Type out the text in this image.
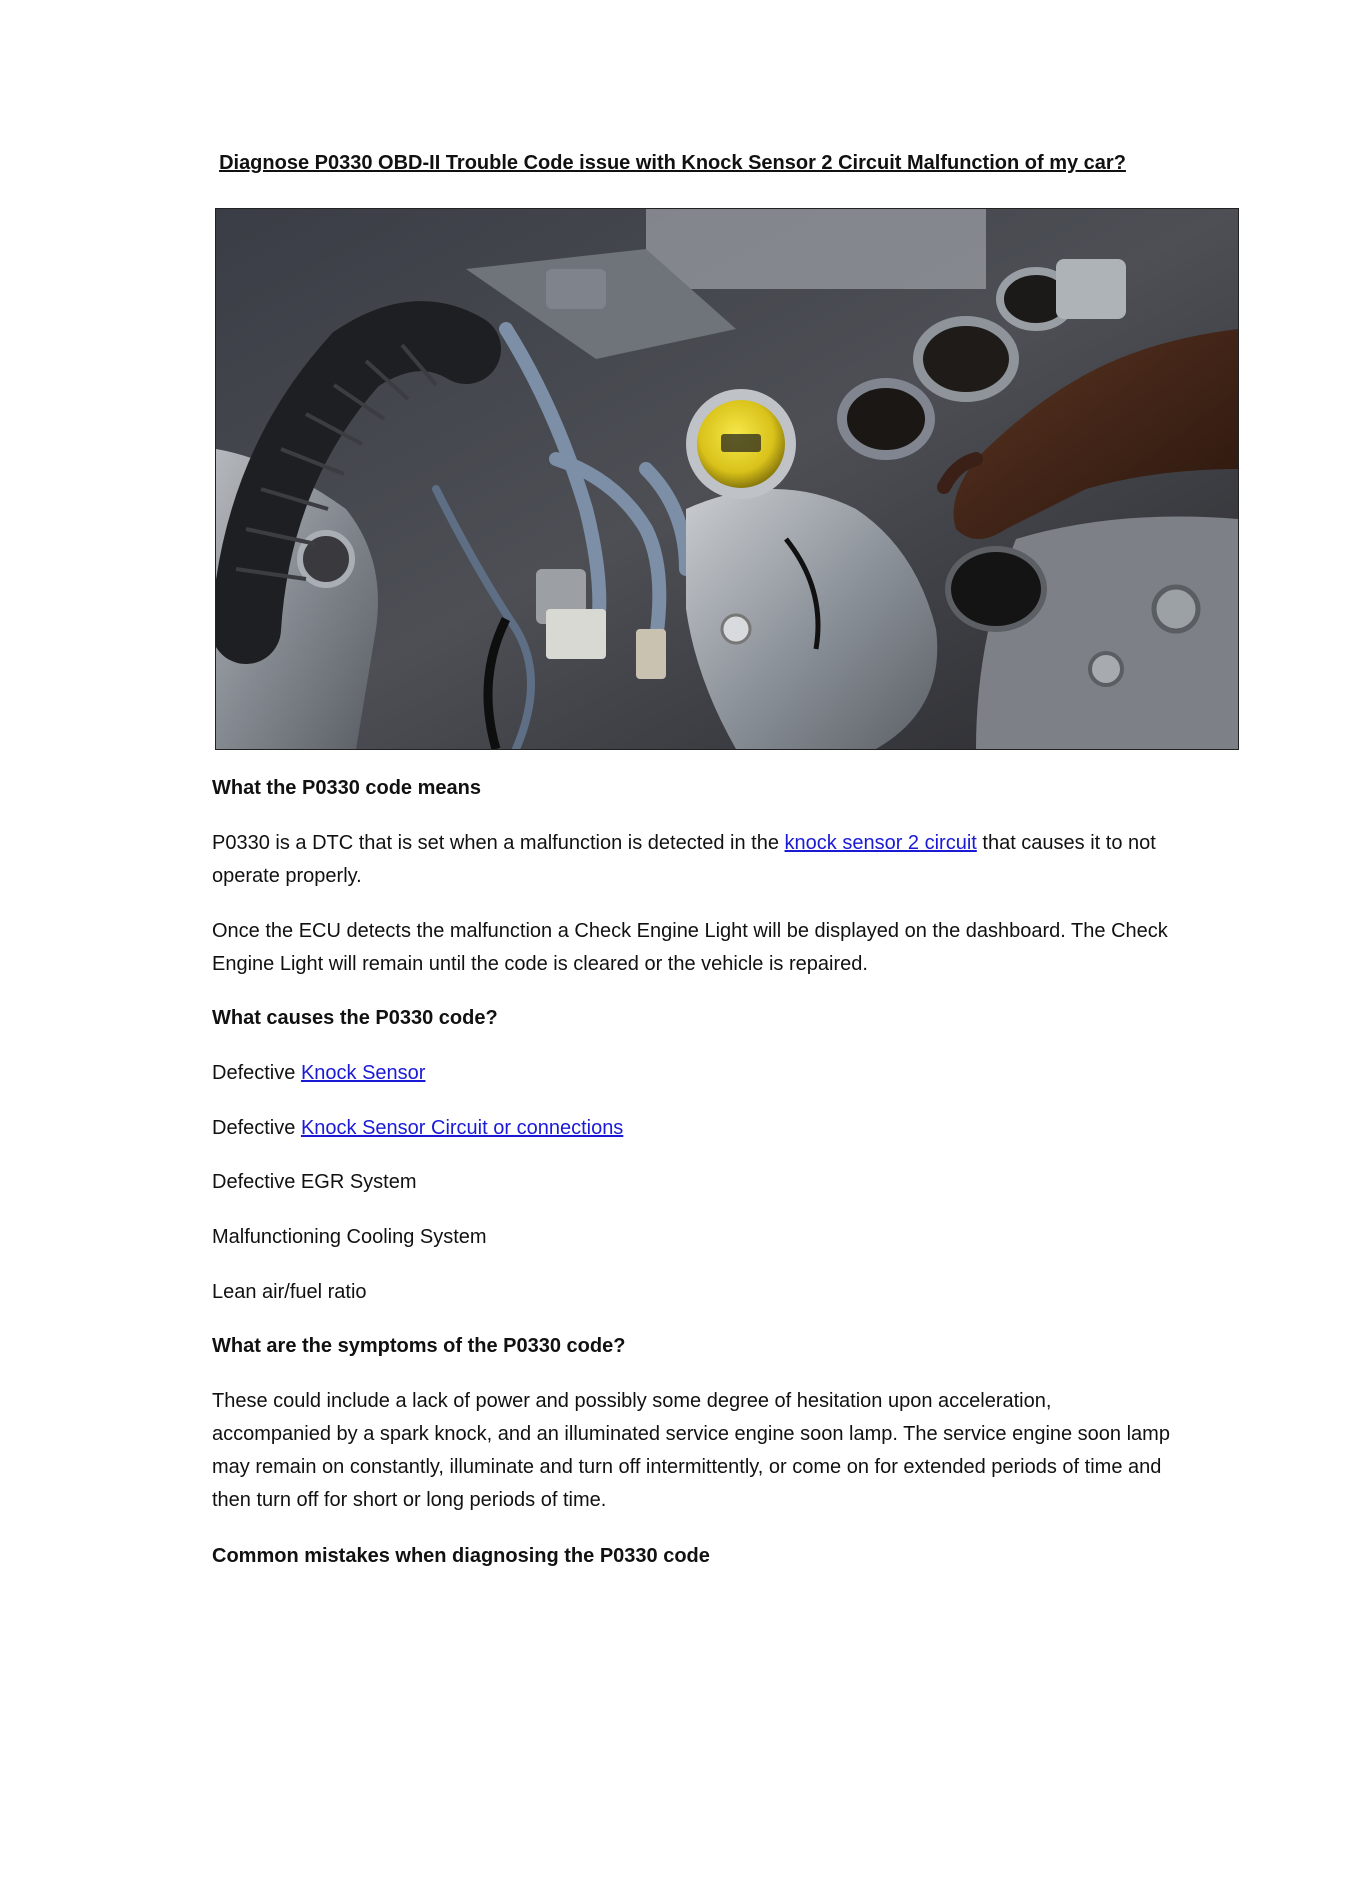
Diagnose P0330 OBD-II Trouble Code issue with Knock Sensor 2 Circuit Malfunction of my car?

What the P0330 code means

P0330 is a DTC that is set when a malfunction is detected in the knock sensor 2 circuit that causes it to not operate properly.

Once the ECU detects the malfunction a Check Engine Light will be displayed on the dashboard. The Check Engine Light will remain until the code is cleared or the vehicle is repaired.

What causes the P0330 code?

Defective Knock Sensor

Defective Knock Sensor Circuit or connections

Defective EGR System

Malfunctioning Cooling System

Lean air/fuel ratio

What are the symptoms of the P0330 code?

These could include a lack of power and possibly some degree of hesitation upon acceleration, accompanied by a spark knock, and an illuminated service engine soon lamp. The service engine soon lamp may remain on constantly, illuminate and turn off intermittently, or come on for extended periods of time and then turn off for short or long periods of time.

Common mistakes when diagnosing the P0330 code
